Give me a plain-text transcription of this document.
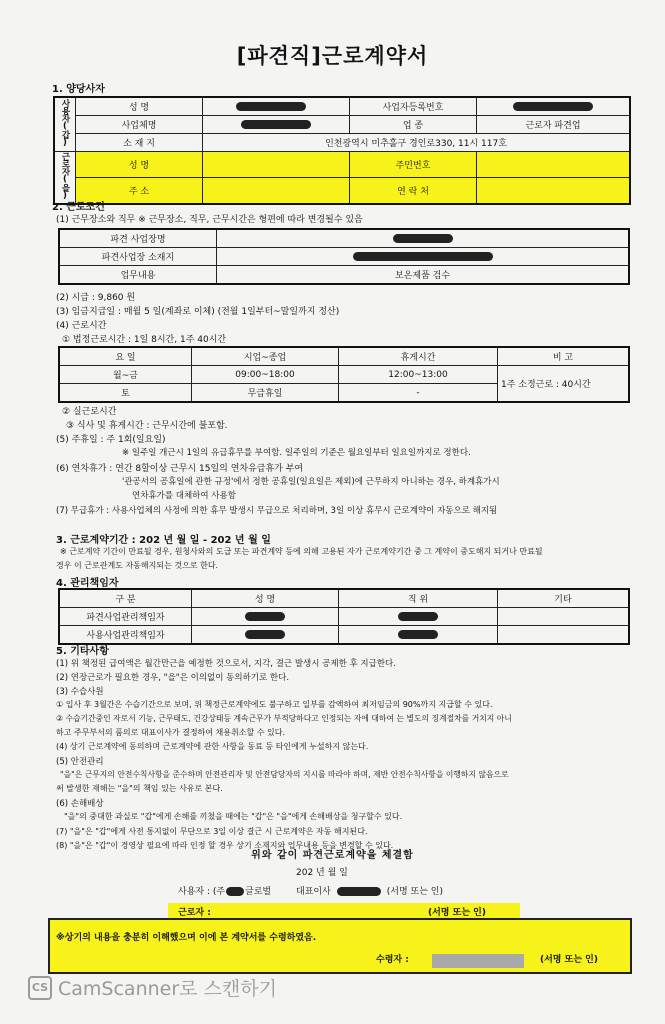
[파견직]근로계약서
1. 양당사자
사용자(갑)	성 명		사업자등록번호	
	사업체명		업 종	근로자 파견업
	소 재 지	인천광역시 미추홀구 경인로330, 11시 117호		
근로자(을)	성 명		주민번호	
	주 소		연 락 처	
2. 근로조건
(1) 근무장소와 직무 ※ 근무장소, 직무, 근무시간은 형편에 따라 변경될수 있음
파견 사업장명	
파견사업장 소재지	
업무내용	보온제품 검수
(2) 시급 : 9,860 원
(3) 임금지급일 : 매월 5 일(계좌로 이체) (전월 1일부터~말일까지 정산)
(4) 근로시간
① 법정근로시간 : 1일 8시간, 1주 40시간
요 일	시업~종업	휴게시간	비 고
월~금	09:00~18:00	12:00~13:00	1주 소정근로 : 40시간
토	무급휴일	-	
② 실근로시간
③ 식사 및 휴게시간 : 근무시간에 불포함.
(5) 주휴일 : 주 1회(일요일)
※ 일주일 개근시 1일의 유급휴무를 부여함. 일주일의 기준은 월요일부터 일요일까지로 정한다.
(6) 연차휴가 : 연간 8할이상 근무시 15일의 연차유급휴가 부여
'관공서의 공휴일에 관한 규정'에서 정한 공휴일(일요일은 제외)에 근무하지 아니하는 경우, 하계휴가시
연차휴가를 대체하여 사용함
(7) 무급휴가 : 사용사업체의 사정에 의한 휴무 발생시 무급으로 처리하며, 3일 이상 휴무시 근로계약이 자동으로 해지됨
3. 근로계약기간 : 202 년 월 일 - 202 년 월 일
※ 근로계약 기간이 만료될 경우, 원청사와의 도급 또는 파견계약 등에 의해 고용된 자가 근로계약기간 중 그 계약이 중도해지 되거나 만료될
경우 이 근로관계도 자동해지되는 것으로 한다.
4. 관리책임자
구 분	성 명	직 위	기타
파견사업관리책임자			
사용사업관리책임자			
5. 기타사항
(1) 위 책정된 급여액은 월간만근을 예정한 것으로서, 지각, 결근 발생시 공제한 후 지급한다.
(2) 연장근로가 필요한 경우, "을"은 이의없이 동의하기로 한다.
(3) 수습사원
① 입사 후 3월간은 수습기간으로 보며, 위 책정근로계약에도 불구하고 일부를 감액하여 최저임금의 90%까지 지급할 수 있다.
② 수습기간중인 자로서 기능, 근무태도, 건강상태등 계속근무가 부적당하다고 인정되는 자에 대하여 는 별도의 징계절차를 거치지 아니
하고 주무부서의 품의로 대표이사가 결정하여 채용취소할 수 있다.
(4) 상기 근로계약에 동의하며 근로계약에 관한 사항을 동료 등 타인에게 누설하지 않는다.
(5) 안전관리
"을"은 근무지의 안전수칙사항을 준수하며 안전관리자 및 안전담당자의 지시를 따라야 하며, 제반 안전수칙사항을 이행하지 않음으로
써 발생한 재해는 "을"의 책임 있는 사유로 본다.
(6) 손해배상
"을"의 중대한 과실로 "갑"에게 손해를 끼쳤을 때에는 "갑"은 "을"에게 손해배상을 청구할수 있다.
(7) "을"은 "갑"에게 사전 통지없이 무단으로 3일 이상 결근 시 근로계약은 자동 해지된다.
(8) "을"은 "갑"이 경영상 필요에 따라 인정 할 경우 상기 소재지와 업무내용 등을 변경할 수 있다.
위와 같이 파견근로계약을 체결함
202 년 월 일
사용자 : (주 글로벌	대표이사	(서명 또는 인)
근로자 :	(서명 또는 인)
※상기의 내용을 충분히 이해했으며 이에 본 계약서를 수령하였음.
수령자 :	(서명 또는 인)
CS CamScanner로 스캔하기
